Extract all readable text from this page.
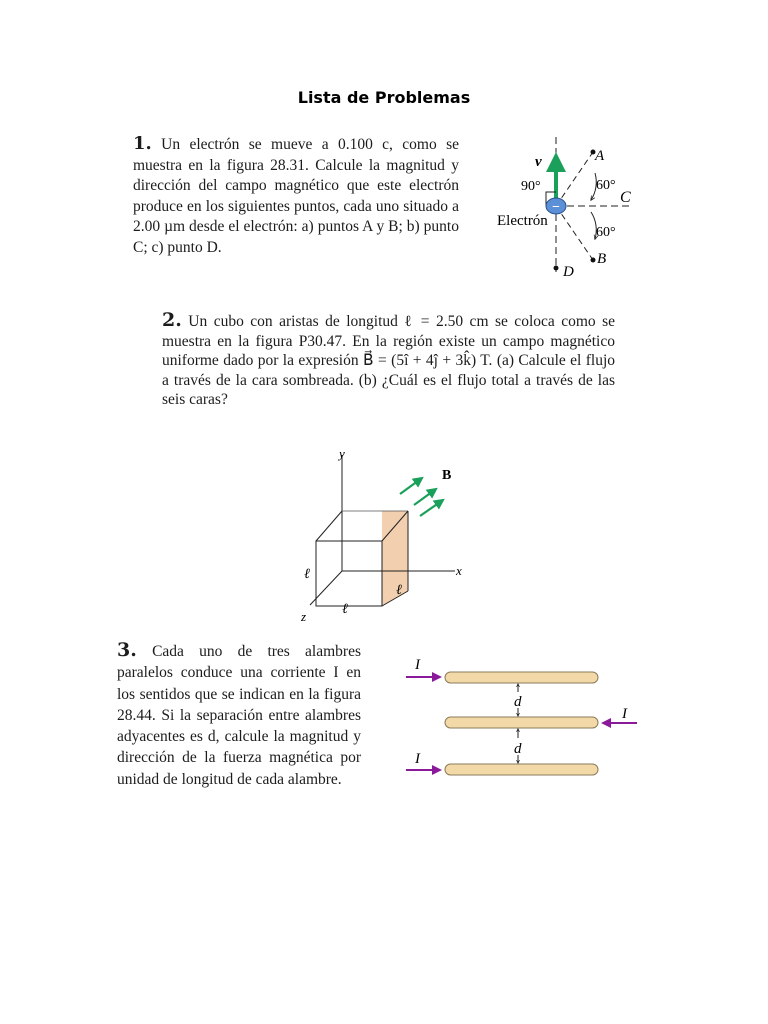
Lista de Problemas
1. Un electrón se mueve a 0.100 c, como se muestra en la figura 28.31. Calcule la magnitud y dirección del campo magnético que este electrón produce en los siguientes puntos, cada uno situado a 2.00 µm desde el electrón: a) puntos A y B; b) punto C; c) punto D.
−
v⃗
90°	60°
60°
Electrón
A
B
C
D
2. Un cubo con aristas de longitud ℓ = 2.50 cm se coloca como se muestra en la figura P30.47. En la región existe un campo magnético uniforme dado por la expresión B⃗ = (5î + 4ĵ + 3k̂) T. (a) Calcule el flujo a través de la cara sombreada. (b) ¿Cuál es el flujo total a través de las seis caras?
y
x
z
B⃗
ℓ
ℓ
ℓ
3. Cada uno de tres alambres paralelos conduce una corriente I en los sentidos que se indican en la figura 28.44. Si la separación entre alambres adyacentes es d, calcule la magnitud y dirección de la fuerza magnética por unidad de longitud de cada alambre.
I
I
I
d
d
